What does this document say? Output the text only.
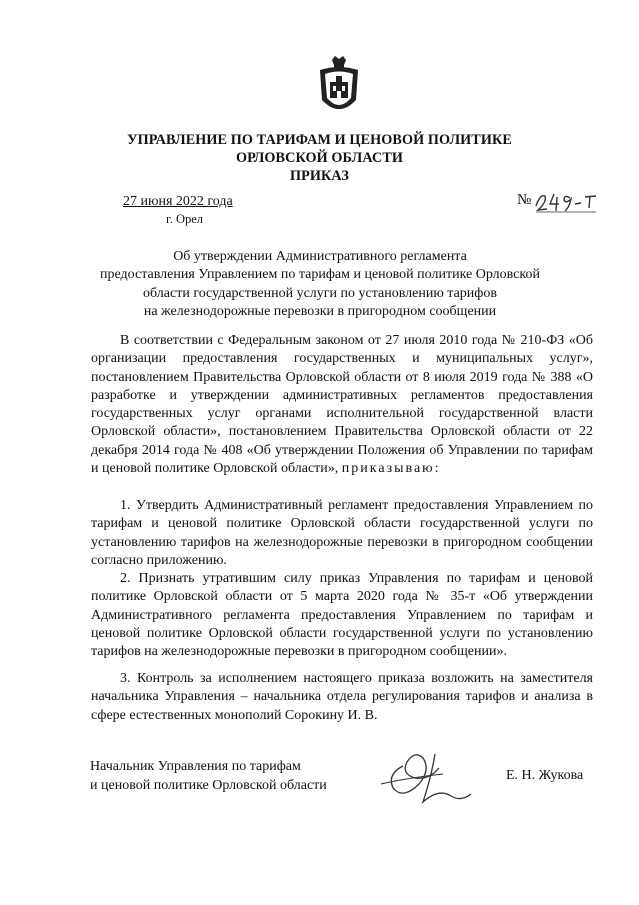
УПРАВЛЕНИЕ ПО ТАРИФАМ И ЦЕНОВОЙ ПОЛИТИКЕ
ОРЛОВСКОЙ ОБЛАСТИ
ПРИКАЗ
27 июня 2022 года
г. Орел
№
Об утверждении Административного регламента
предоставления Управлением по тарифам и ценовой политике Орловской
области государственной услуги по установлению тарифов
на железнодорожные перевозки в пригородном сообщении

В соответствии с Федеральным законом от 27 июля 2010 года № 210-ФЗ «Об организации предоставления государственных и муниципальных услуг», постановлением Правительства Орловской области от 8 июля 2019 года № 388 «О разработке и утверждении административных регламентов предоставления государственных услуг органами исполнительной государственной власти Орловской области», постановлением Правительства Орловской области от 22 декабря 2014 года № 408 «Об утверждении Положения об Управлении по тарифам и ценовой политике Орловской области», приказываю:

1. Утвердить Административный регламент предоставления Управлением по тарифам и ценовой политике Орловской области государственной услуги по установлению тарифов на железнодорожные перевозки в пригородном сообщении согласно приложению.

2. Признать утратившим силу приказ Управления по тарифам и ценовой политике Орловской области от 5 марта 2020 года № 35-т «Об утверждении Административного регламента предоставления Управлением по тарифам и ценовой политике Орловской области государственной услуги по установлению тарифов на железнодорожные перевозки в пригородном сообщении».

3. Контроль за исполнением настоящего приказа возложить на заместителя начальника Управления – начальника отдела регулирования тарифов и анализа в сфере естественных монополий Сорокину И. В.

Начальник Управления по тарифам
и ценовой политике Орловской области
Е. Н. Жукова
